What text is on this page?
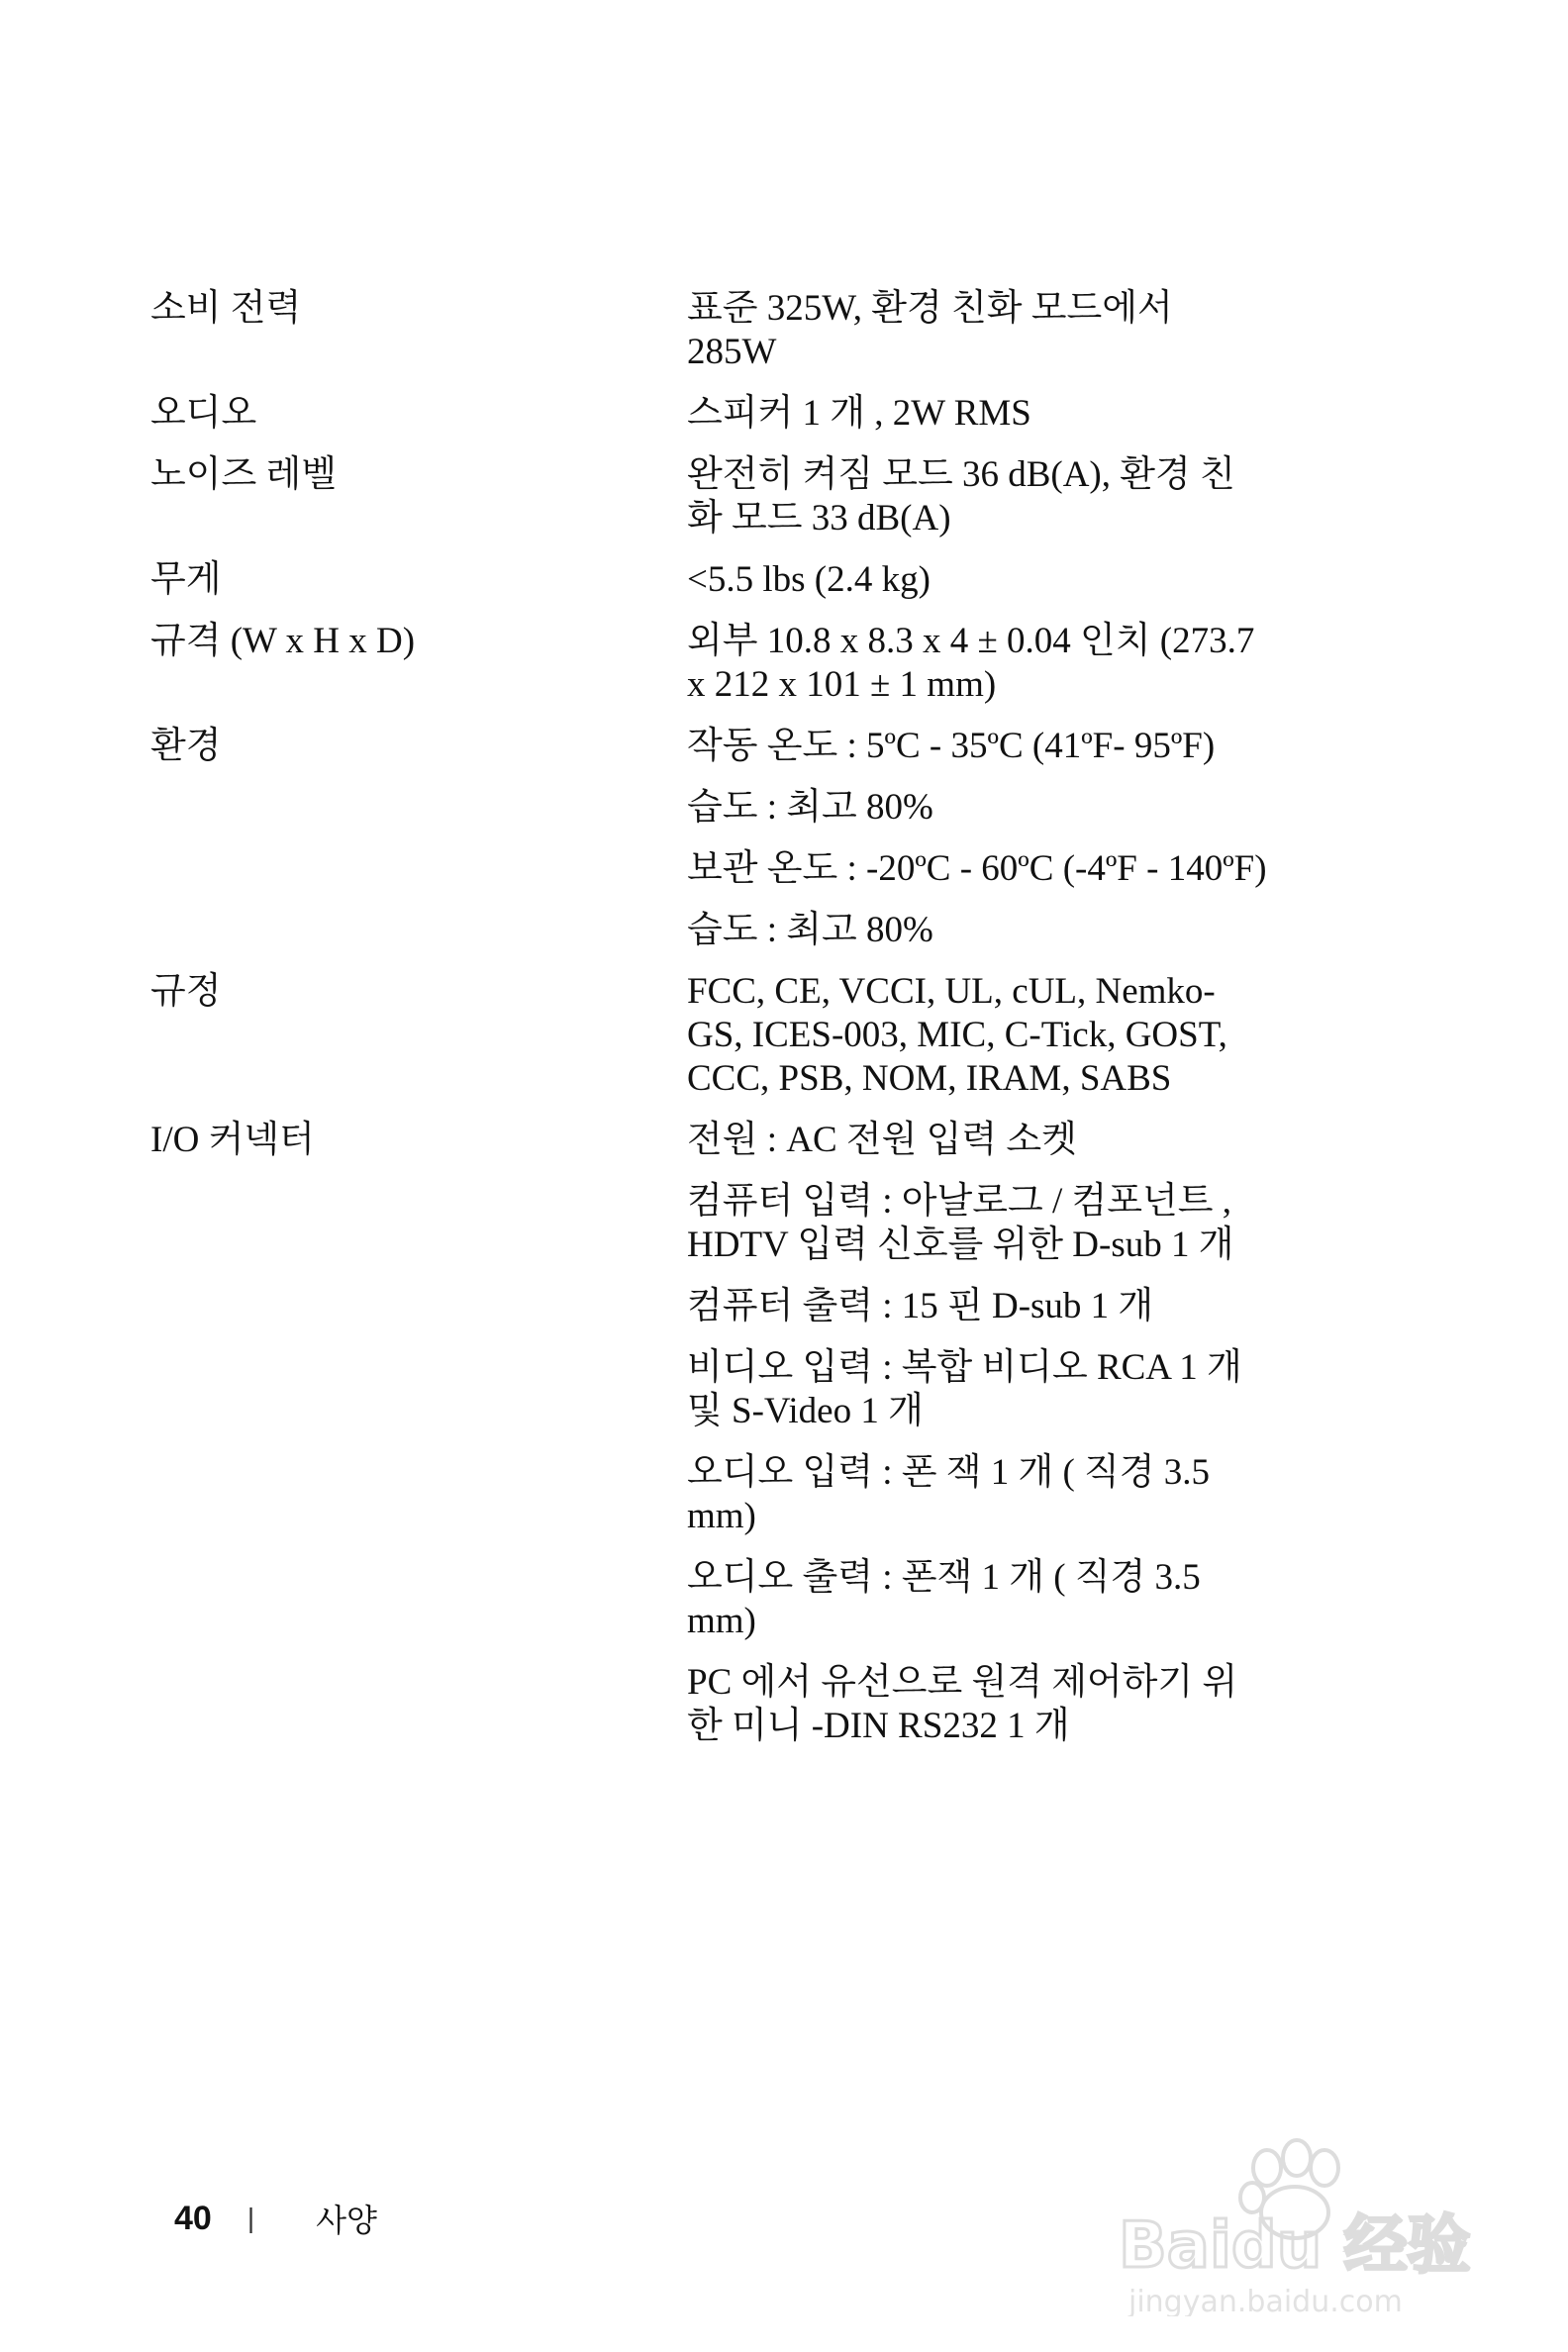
소비 전력	표준 325W, 환경 친화 모드에서 285W
오디오	스피커 1 개 , 2W RMS
노이즈 레벨	완전히 켜짐 모드 36 dB(A), 환경 친화 모드 33 dB(A)
무게	<5.5 lbs (2.4 kg)
규격 (W x H x D)	외부 10.8 x 8.3 x 4 ± 0.04 인치 (273.7 x 212 x 101 ± 1 mm)
환경	작동 온도 : 5ºC - 35ºC (41ºF- 95ºF)
습도 : 최고 80%
보관 온도 : -20ºC - 60ºC (-4ºF - 140ºF)
습도 : 최고 80%
규정	FCC, CE, VCCI, UL, cUL, Nemko-GS, ICES-003, MIC, C-Tick, GOST, CCC, PSB, NOM, IRAM, SABS
I/O 커넥터	전원 : AC 전원 입력 소켓
컴퓨터 입력 : 아날로그 / 컴포넌트 , HDTV 입력 신호를 위한 D-sub 1 개
컴퓨터 출력 : 15 핀 D-sub 1 개
비디오 입력 : 복합 비디오 RCA 1 개 및 S-Video 1 개
오디오 입력 : 폰 잭 1 개 ( 직경 3.5 mm)
오디오 출력 : 폰잭 1 개 ( 직경 3.5 mm)
PC 에서 유선으로 원격 제어하기 위한 미니 -DIN RS232 1 개
40 | 사양	Baidu 经验
jingyan.baidu.com
